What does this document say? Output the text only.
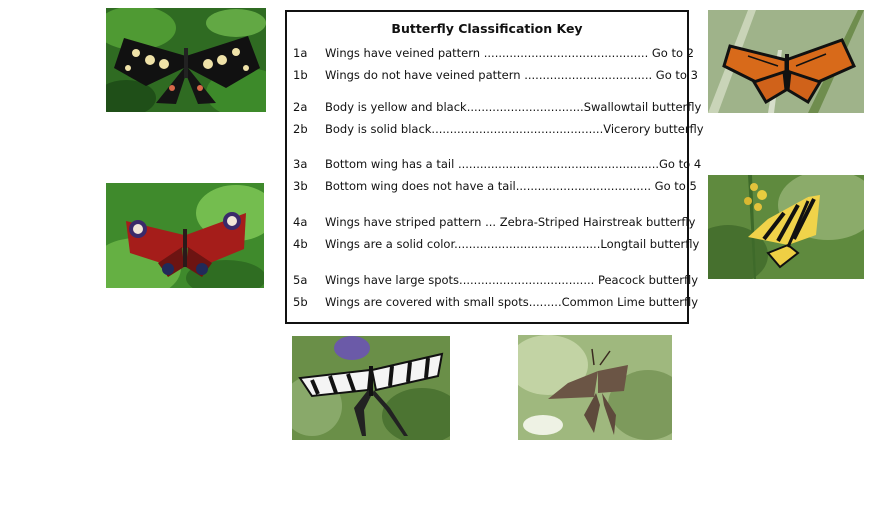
Butterfly Classification Key
1a	Wings have veined pattern ............................................. Go to 2
1b	Wings do not have veined pattern ................................... Go to 3
2a	Body is yellow and black................................Swallowtail butterfly
2b	Body is solid black...............................................Vicerory butterfly
3a	Bottom wing has a tail .......................................................Go to 4
3b	Bottom wing does not have a tail..................................... Go to 5
4a	Wings have striped pattern ... Zebra-Striped Hairstreak butterfly
4b	Wings are a solid color........................................Longtail butterfly
5a	Wings have large spots..................................... Peacock butterfly
5b	Wings are covered with small spots.........Common Lime butterfly
